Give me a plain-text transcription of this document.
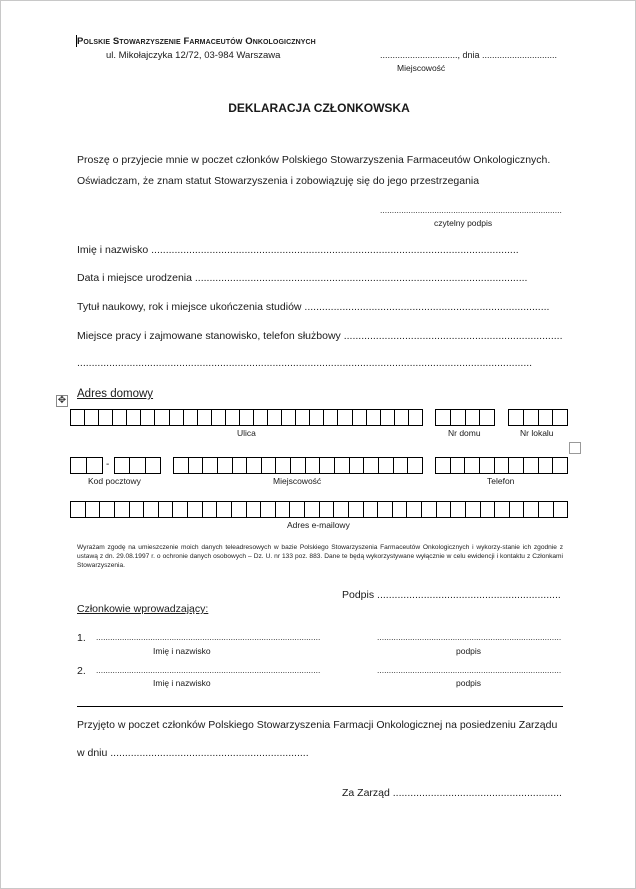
Polskie Stowarzyszenie Farmaceutów Onkologicznych
ul. Mikołajczyka 12/72, 03-984 Warszawa	..............................., dnia ..............................
Miejscowość
DEKLARACJA CZŁONKOWSKA
Proszę o przyjecie mnie w poczet członków Polskiego Stowarzyszenia Farmaceutów Onkologicznych.
Oświadczam, że znam statut Stowarzyszenia i zobowiązuję się do jego przestrzegania
.............................................................................
czytelny podpis
Imię i nazwisko ..............................................................................................................................
Data i miejsce urodzenia ..................................................................................................................
Tytuł naukowy, rok i miejsce ukończenia studiów ....................................................................................
Miejsce pracy i zajmowane stanowisko, telefon służbowy ...........................................................................
............................................................................................................................................................
✥
Adres domowy
Ulica	Nr domu	Nr lokalu
-
Kod pocztowy	Miejscowość	Telefon
Adres e-mailowy
Wyrażam zgodę na umieszczenie moich danych teleadresowych w bazie Polskiego Stowarzyszenia Farmaceutów Onkologicznych i wykorzy-stanie ich zgodnie z ustawą z dn. 29.08.1997 r. o ochronie danych osobowych – Dz. U. nr 133 poz. 883. Dane te będą wykorzystywane wyłącznie w celu ewidencji i kontaktu z Członkami Stowarzyszenia.
Podpis ...............................................................
Członkowie wprowadzający:
1. ...............................................................................................	..............................................................................
Imię i nazwisko	podpis
2. ...............................................................................................	..............................................................................
Imię i nazwisko	podpis
Przyjęto w poczet członków Polskiego Stowarzyszenia Farmacji Onkologicznej na posiedzeniu Zarządu
w dniu ....................................................................
Za Zarząd ..........................................................
